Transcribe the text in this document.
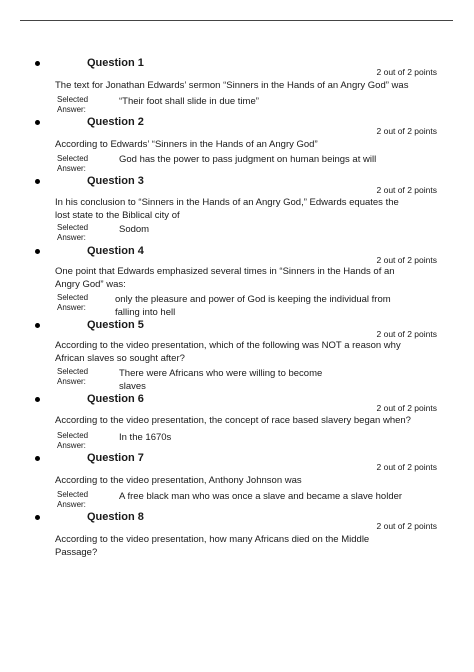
Question 1
2 out of 2 points
The text for Jonathan Edwards’ sermon “Sinners in the Hands of an Angry God” was
Selected Answer:
“Their foot shall slide in due time”
Question 2
2 out of 2 points
According to Edwards’ “Sinners in the Hands of an Angry God”
Selected Answer:
God has the power to pass judgment on human beings at will
Question 3
2 out of 2 points
In his conclusion to “Sinners in the Hands of an Angry God,” Edwards equates the lost state to the Biblical city of
Selected Answer:
Sodom
Question 4
2 out of 2 points
One point that Edwards emphasized several times in “Sinners in the Hands of an Angry God” was:
Selected Answer:
only the pleasure and power of God is keeping the individual from falling into hell
Question 5
2 out of 2 points
According to the video presentation, which of the following was NOT a reason why African slaves so sought after?
Selected Answer:
There were Africans who were willing to become slaves
Question 6
2 out of 2 points
According to the video presentation, the concept of race based slavery began when?
Selected Answer:
In the 1670s
Question 7
2 out of 2 points
According to the video presentation, Anthony Johnson was
Selected Answer:
A free black man who was once a slave and became a slave holder
Question 8
2 out of 2 points
According to the video presentation, how many Africans died on the Middle Passage?
